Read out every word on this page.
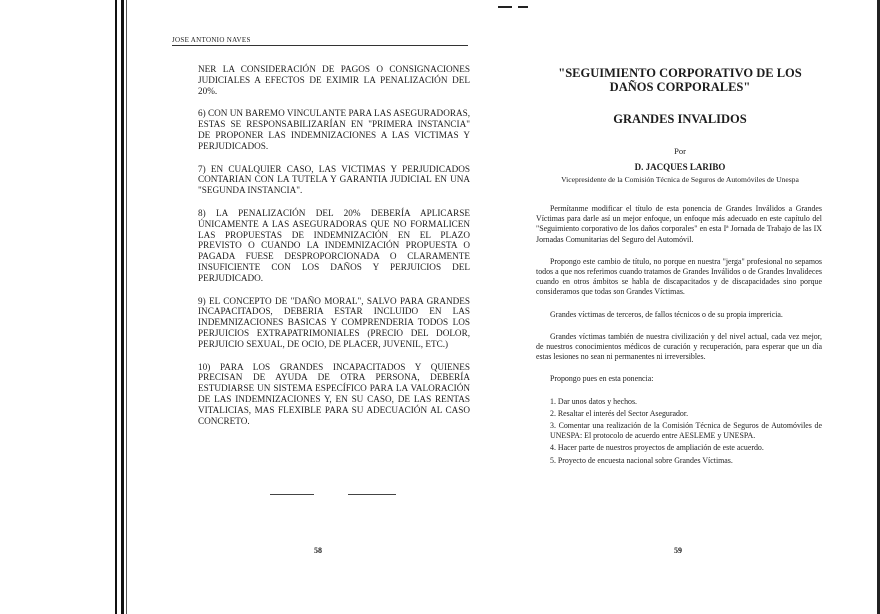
JOSE ANTONIO NAVES

NER LA CONSIDERACIÓN DE PAGOS O CONSIGNACIONES JUDICIALES A EFECTOS DE EXIMIR LA PENALIZACIÓN DEL 20%.

6) CON UN BAREMO VINCULANTE PARA LAS ASEGURADORAS, ESTAS SE RESPONSABILIZARÍAN EN "PRIMERA INSTANCIA" DE PROPONER LAS INDEMNIZACIONES A LAS VICTIMAS Y PERJUDICADOS.

7) EN CUALQUIER CASO, LAS VICTIMAS Y PERJUDICADOS CONTARIAN CON LA TUTELA Y GARANTIA JUDICIAL EN UNA "SEGUNDA INSTANCIA".

8) LA PENALIZACIÓN DEL 20% DEBERÍA APLICARSE ÚNICAMENTE A LAS ASEGURADORAS QUE NO FORMALICEN LAS PROPUESTAS DE INDEMNIZACIÓN EN EL PLAZO PREVISTO O CUANDO LA INDEMNIZACIÓN PROPUESTA O PAGADA FUESE DESPROPORCIONADA O CLARAMENTE INSUFICIENTE CON LOS DAÑOS Y PERJUICIOS DEL PERJUDICADO.

9) EL CONCEPTO DE "DAÑO MORAL", SALVO PARA GRANDES INCAPACITADOS, DEBERIA ESTAR INCLUIDO EN LAS INDEMNIZACIONES BASICAS Y COMPRENDERIA TODOS LOS PERJUICIOS EXTRAPATRIMONIALES (PRECIO DEL DOLOR, PERJUICIO SEXUAL, DE OCIO, DE PLACER, JUVENIL, ETC.)

10) PARA LOS GRANDES INCAPACITADOS Y QUIENES PRECISAN DE AYUDA DE OTRA PERSONA, DEBERÍA ESTUDIARSE UN SISTEMA ESPECÍFICO PARA LA VALORACIÓN DE LAS INDEMNIZACIONES Y, EN SU CASO, DE LAS RENTAS VITALICIAS, MAS FLEXIBLE PARA SU ADECUACIÓN AL CASO CONCRETO.

58
"SEGUIMIENTO CORPORATIVO DE LOS DAÑOS CORPORALES"
GRANDES INVALIDOS
Por
D. JACQUES LARIBO
Vicepresidente de la Comisión Técnica de Seguros de Automóviles de Unespa

Permítanme modificar el título de esta ponencia de Grandes Inválidos a Grandes Víctimas para darle así un mejor enfoque, un enfoque más adecuado en este capítulo del "Seguimiento corporativo de los daños corporales" en esta Iª Jornada de Trabajo de las IX Jornadas Comunitarias del Seguro del Automóvil.

Propongo este cambio de título, no porque en nuestra "jerga" profesional no sepamos todos a que nos referimos cuando tratamos de Grandes Inválidos o de Grandes Invalideces cuando en otros ámbitos se habla de discapacitados y de discapacidades sino porque consideramos que todas son Grandes Víctimas.

Grandes víctimas de terceros, de fallos técnicos o de su propia imprericia.

Grandes víctimas también de nuestra civilización y del nivel actual, cada vez mejor, de nuestros conocimientos médicos de curación y recuperación, para esperar que un día estas lesiones no sean ni permanentes ni irreversibles.

Propongo pues en esta ponencia:

1. Dar unos datos y hechos.
2. Resaltar el interés del Sector Asegurador.
3. Comentar una realización de la Comisión Técnica de Seguros de Automóviles de UNESPA: El protocolo de acuerdo entre AESLEME y UNESPA.
4. Hacer parte de nuestros proyectos de ampliación de este acuerdo.
5. Proyecto de encuesta nacional sobre Grandes Víctimas.
59
